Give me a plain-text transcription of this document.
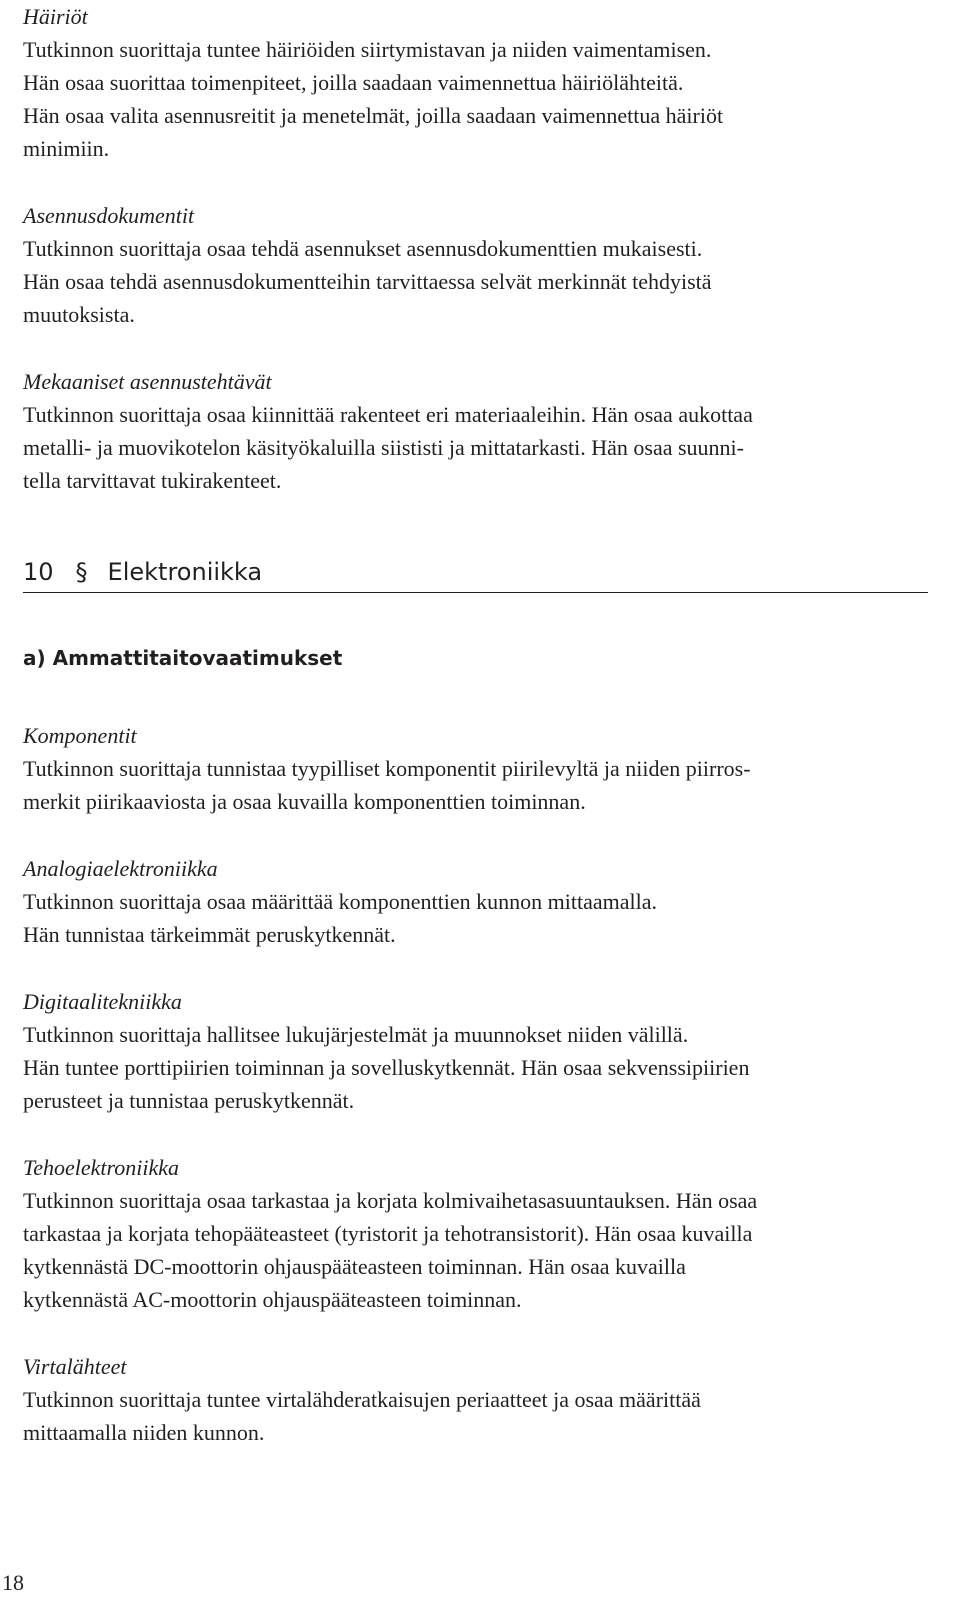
Häiriöt
Tutkinnon suorittaja tuntee häiriöiden siirtymistavan ja niiden vaimentamisen.
Hän osaa suorittaa toimenpiteet, joilla saadaan vaimennettua häiriölähteitä.
Hän osaa valita asennusreitit ja menetelmät, joilla saadaan vaimennettua häiriöt
minimiin.
Asennusdokumentit
Tutkinnon suorittaja osaa tehdä asennukset asennusdokumenttien mukaisesti.
Hän osaa tehdä asennusdokumentteihin tarvittaessa selvät merkinnät tehdyistä
muutoksista.
Mekaaniset asennustehtävät
Tutkinnon suorittaja osaa kiinnittää rakenteet eri materiaaleihin. Hän osaa aukottaa
metalli- ja muovikotelon käsityökaluilla siististi ja mittatarkasti. Hän osaa suunni-
tella tarvittavat tukirakenteet.
10 § Elektroniikka
a) Ammattitaitovaatimukset
Komponentit
Tutkinnon suorittaja tunnistaa tyypilliset komponentit piirilevyltä ja niiden piirros-
merkit piirikaaviosta ja osaa kuvailla komponenttien toiminnan.
Analogiaelektroniikka
Tutkinnon suorittaja osaa määrittää komponenttien kunnon mittaamalla.
Hän tunnistaa tärkeimmät peruskytkennät.
Digitaalitekniikka
Tutkinnon suorittaja hallitsee lukujärjestelmät ja muunnokset niiden välillä.
Hän tuntee porttipiirien toiminnan ja sovelluskytkennät. Hän osaa sekvenssipiirien
perusteet ja tunnistaa peruskytkennät.
Tehoelektroniikka
Tutkinnon suorittaja osaa tarkastaa ja korjata kolmivaihetasasuuntauksen. Hän osaa
tarkastaa ja korjata tehopääteasteet (tyristorit ja tehotransistorit). Hän osaa kuvailla
kytkennästä DC-moottorin ohjauspääteasteen toiminnan. Hän osaa kuvailla
kytkennästä AC-moottorin ohjauspääteasteen toiminnan.
Virtalähteet
Tutkinnon suorittaja tuntee virtalähderatkaisujen periaatteet ja osaa määrittää
mittaamalla niiden kunnon.
18
